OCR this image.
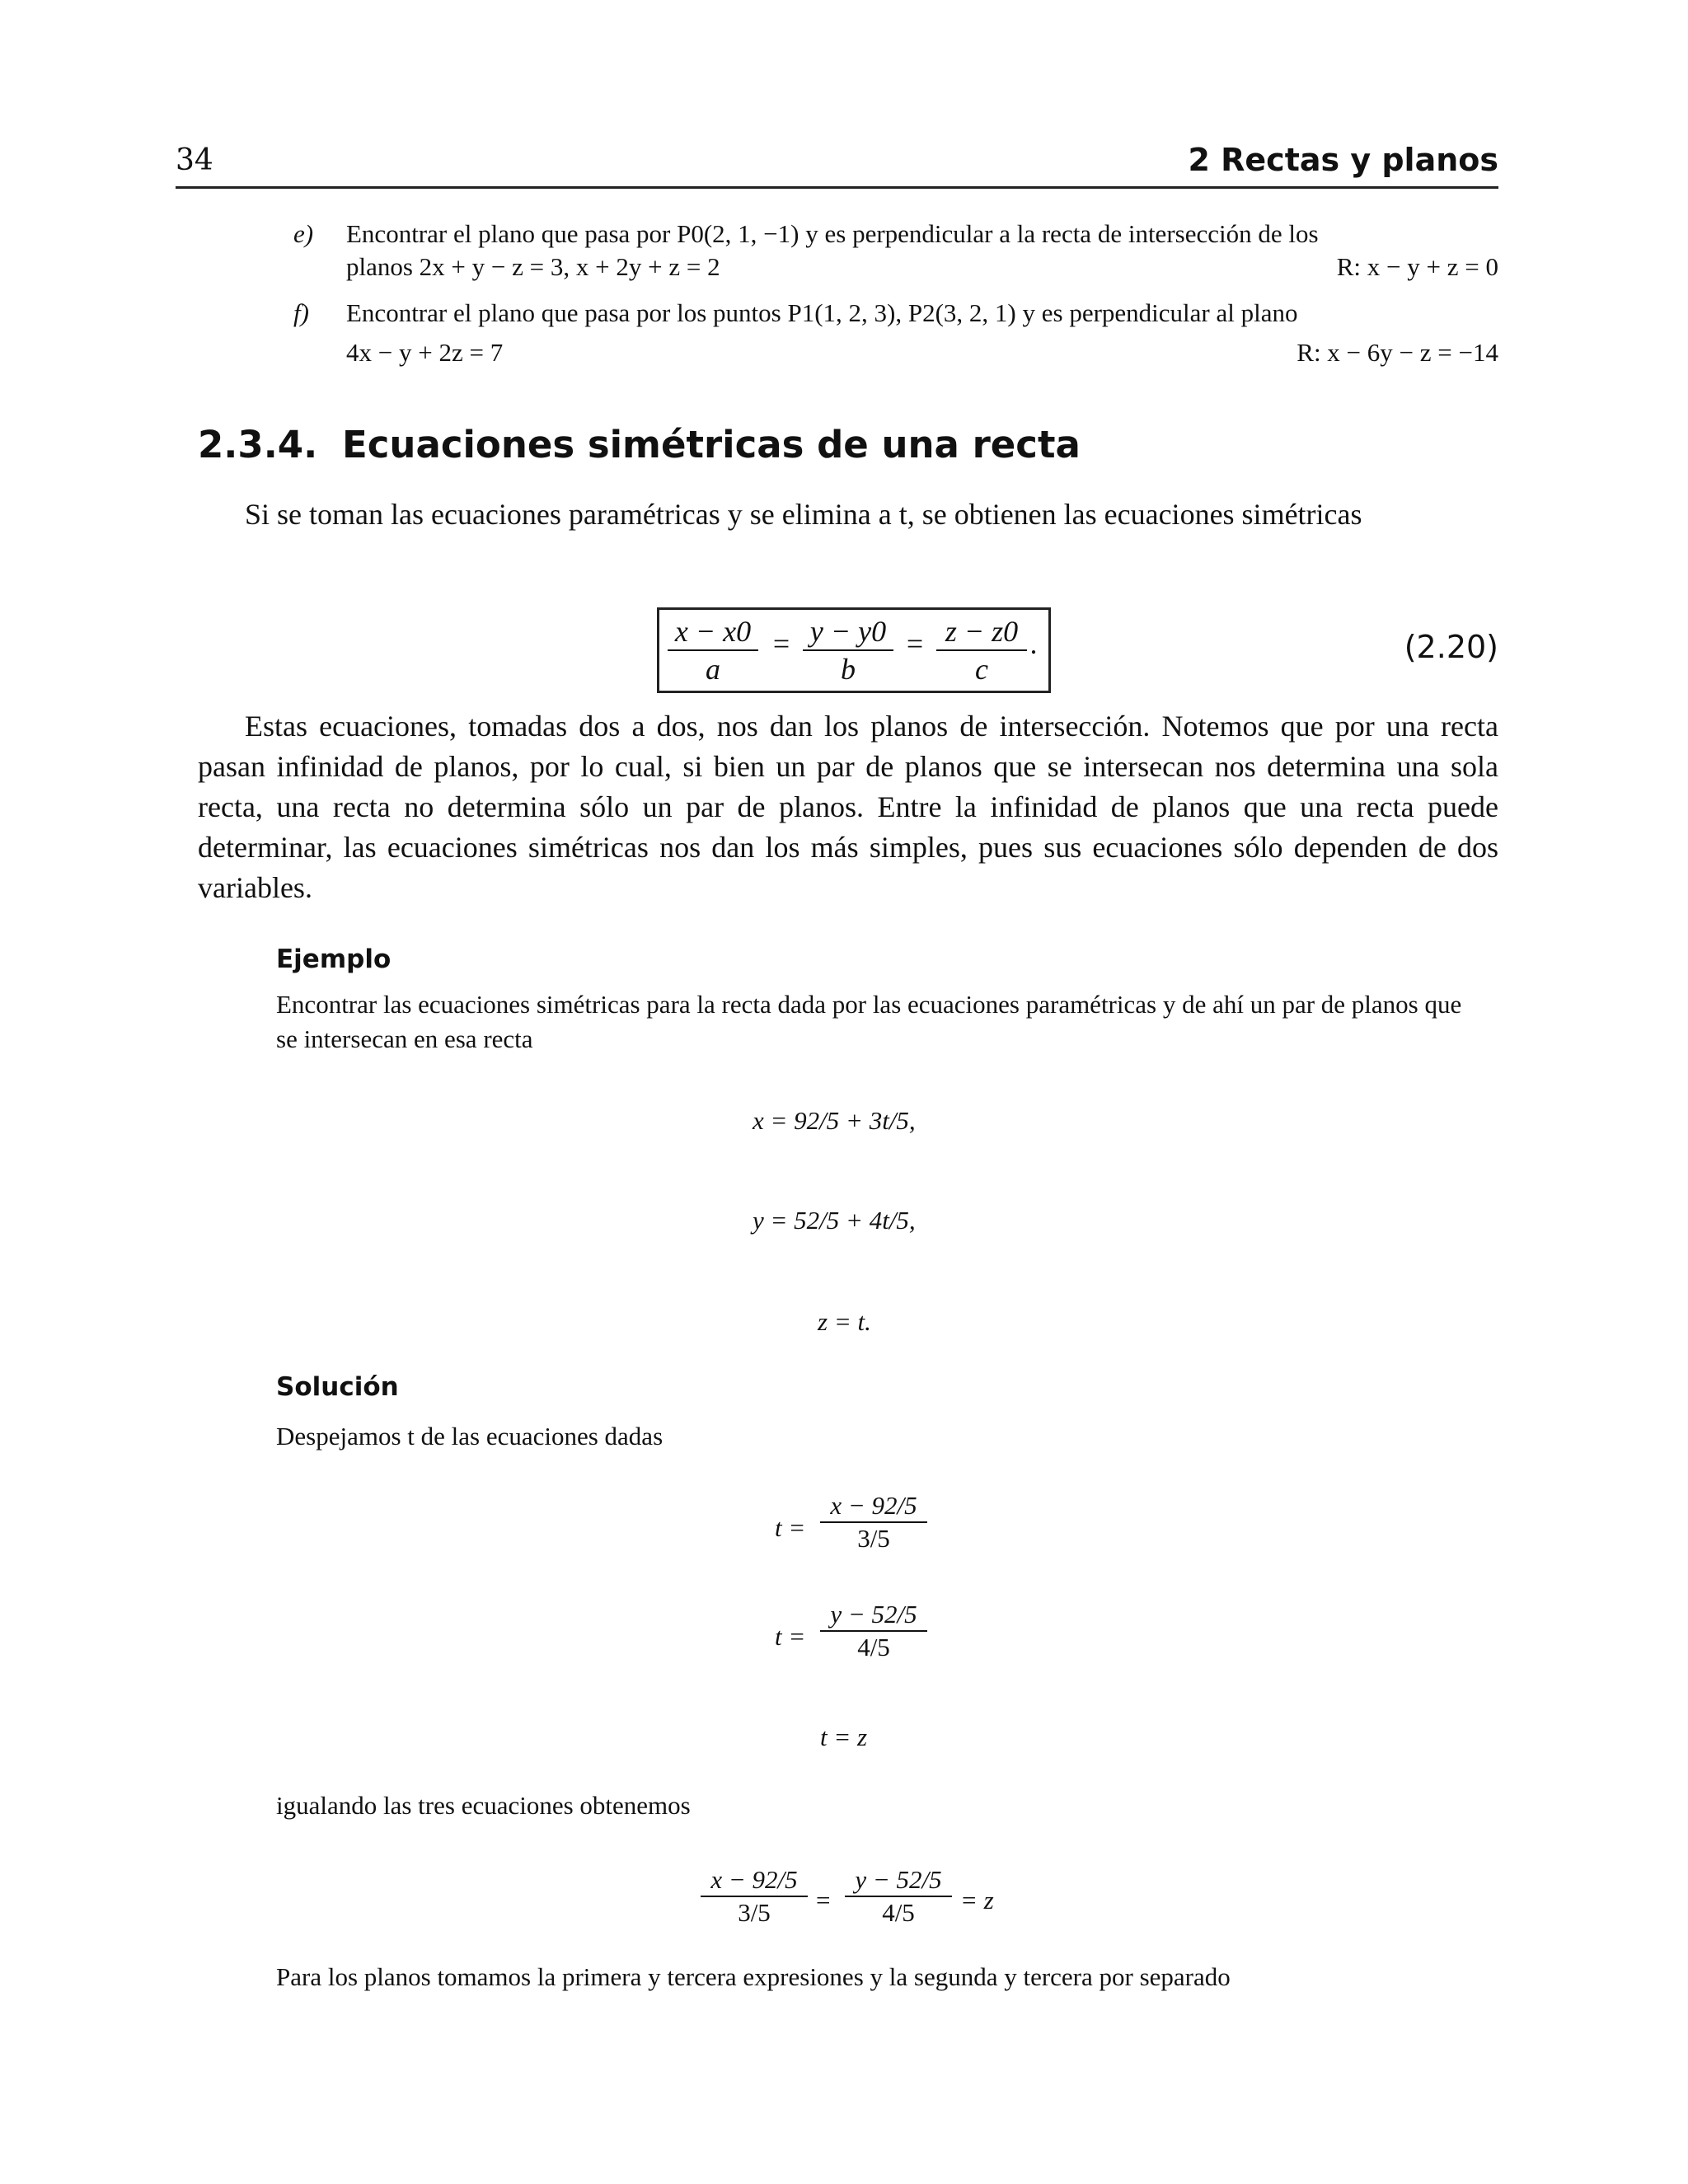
34	2 Rectas y planos
e) Encontrar el plano que pasa por P0(2, 1, −1) y es perpendicular a la recta de intersección de los
planos 2x + y − z = 3, x + 2y + z = 2	R: x − y + z = 0
f) Encontrar el plano que pasa por los puntos P1(1, 2, 3), P2(3, 2, 1) y es perpendicular al plano
4x − y + 2z = 7	R: x − 6y − z = −14
2.3.4. Ecuaciones simétricas de una recta
Si se toman las ecuaciones paramétricas y se elimina a t, se obtienen las ecuaciones simétricas
x − x0
a
= y − y0
b
= z − z0
c
.	(2.20)
Estas ecuaciones, tomadas dos a dos, nos dan los planos de intersección. Notemos que por una recta pasan infinidad de planos, por lo cual, si bien un par de planos que se intersecan nos determina una sola recta, una recta no determina sólo un par de planos. Entre la infinidad de planos que una recta puede determinar, las ecuaciones simétricas nos dan los más simples, pues sus ecuaciones sólo dependen de dos variables.
Ejemplo
Encontrar las ecuaciones simétricas para la recta dada por las ecuaciones paramétricas y de ahí un par de planos que se intersecan en esa recta
x = 92/5 + 3t/5,
y = 52/5 + 4t/5,
z = t.
Solución
Despejamos t de las ecuaciones dadas
t =
x − 92/5
3/5
t =
y − 52/5
4/5
t = z
igualando las tres ecuaciones obtenemos
x − 92/5
3/5	=
y − 52/5
4/5	= z
Para los planos tomamos la primera y tercera expresiones y la segunda y tercera por separado
